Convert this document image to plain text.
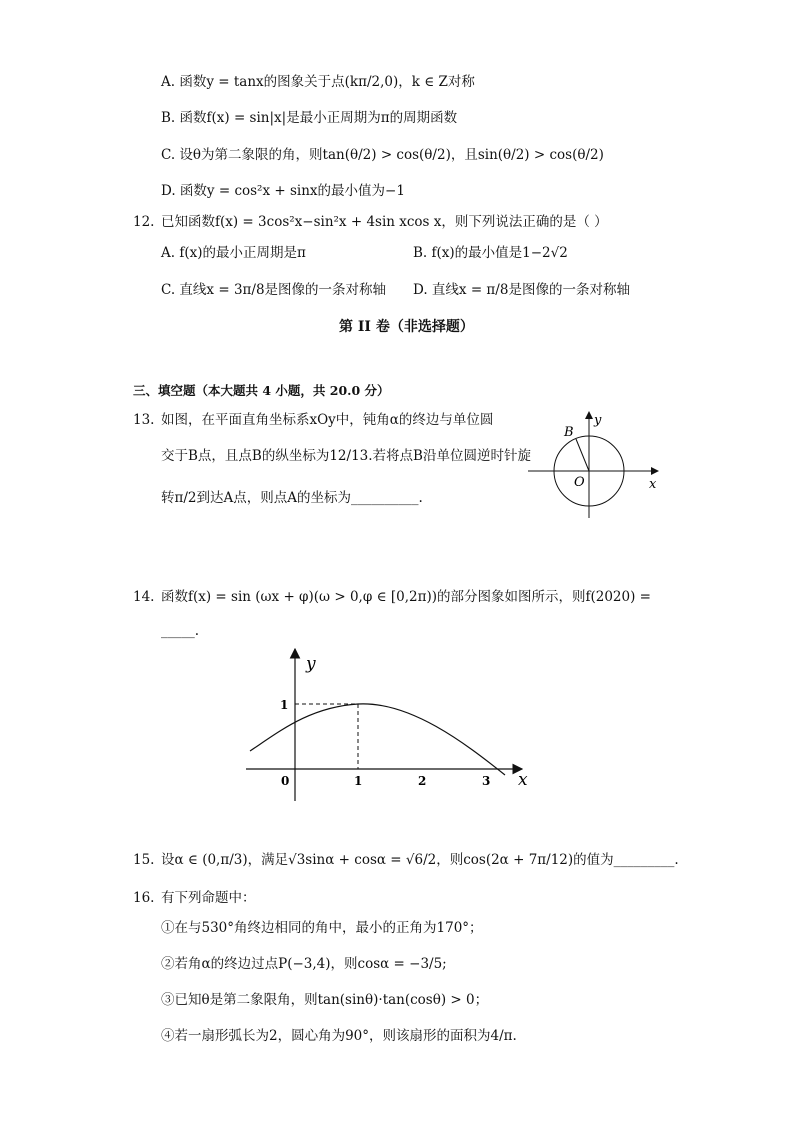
A. 函数y = tanx的图象关于点(kπ/2,0)，k ∈ Z对称
B. 函数f(x) = sin|x|是最小正周期为π的周期函数
C. 设θ为第二象限的角，则tan(θ/2) > cos(θ/2)，且sin(θ/2) > cos(θ/2)
D. 函数y = cos²x + sinx的最小值为−1
12. 已知函数f(x) = 3cos²x−sin²x + 4sin xcos x，则下列说法正确的是（ ）
A. f(x)的最小正周期是π	B. f(x)的最小值是1−2√2
C. 直线x = 3π/8是图像的一条对称轴 D. 直线x = π/8是图像的一条对称轴
第 II 卷（非选择题）
三、填空题（本大题共 4 小题，共 20.0 分）
13. 如图，在平面直角坐标系xOy中，钝角α的终边与单位圆
交于B点，且点B的纵坐标为12/13.若将点B沿单位圆逆时针旋
转π/2到达A点，则点A的坐标为__________.
B
y
O	x
14. 函数f(x) = sin (ωx + φ)(ω > 0,φ ∈ [0,2π))的部分图象如图所示，则f(2020) =
_____.
y
x
1
0	1	2	3
15. 设α ∈ (0,π/3)，满足√3sinα + cosα = √6/2，则cos(2α + 7π/12)的值为_________.
16. 有下列命题中：
①在与530°角终边相同的角中，最小的正角为170°；
②若角α的终边过点P(−3,4)，则cosα = −3/5;
③已知θ是第二象限角，则tan(sinθ)·tan(cosθ) > 0；
④若一扇形弧长为2，圆心角为90°，则该扇形的面积为4/π.
